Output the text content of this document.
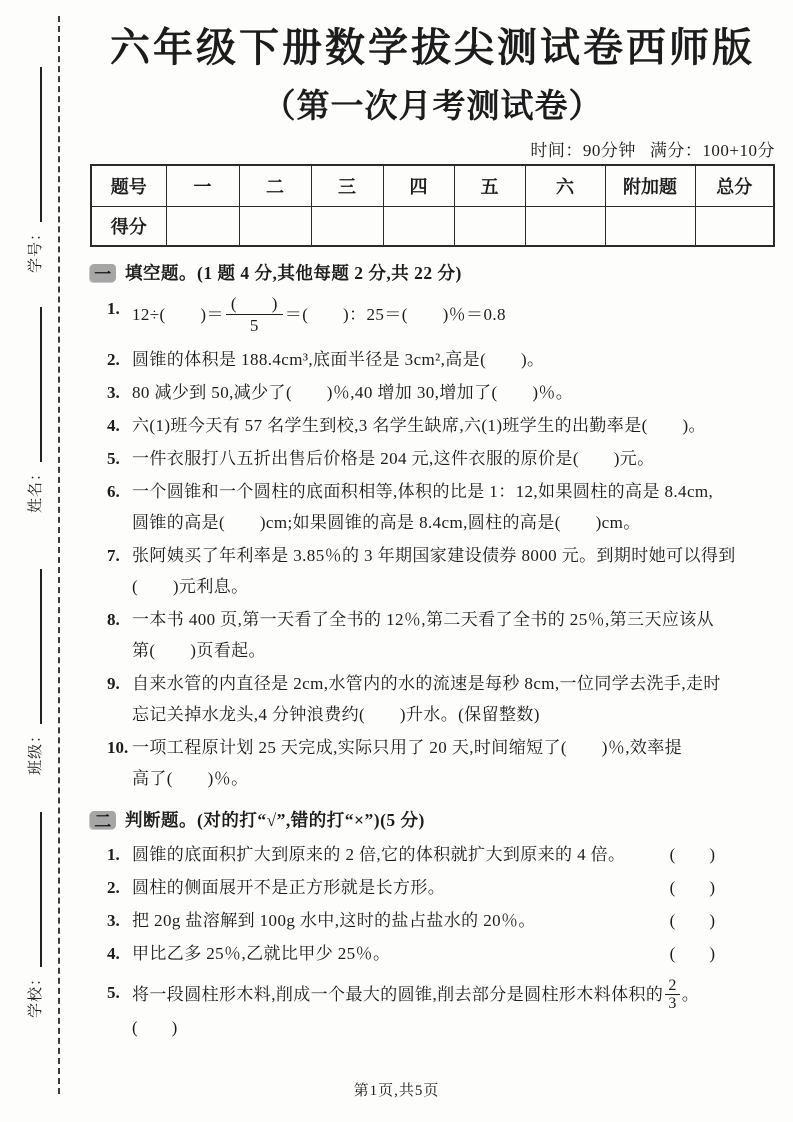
学号：
姓名：
班级：
学校：
六年级下册数学拔尖测试卷西师版
（第一次月考测试卷）
时间：90分钟 满分：100+10分
题号	一	二	三	四	五	六	附加题	总分
得分								
一 填空题。(1 题 4 分,其他每题 2 分,共 22 分)
1. 12÷(　　)＝ $\frac{( )}{5}$ ＝(　　)：25＝(　　)％＝0.8
2. 圆锥的体积是 188.4cm³,底面半径是 3cm²,高是(　　)。
3. 80 减少到 50,减少了(　　)％,40 增加 30,增加了(　　)％。
4. 六(1)班今天有 57 名学生到校,3 名学生缺席,六(1)班学生的出勤率是(　　)。
5. 一件衣服打八五折出售后价格是 204 元,这件衣服的原价是(　　)元。
6. 一个圆锥和一个圆柱的底面积相等,体积的比是 1：12,如果圆柱的高是 8.4cm,
圆锥的高是(　　)cm;如果圆锥的高是 8.4cm,圆柱的高是(　　)cm。
7. 张阿姨买了年利率是 3.85％的 3 年期国家建设债券 8000 元。到期时她可以得到
(　　)元利息。
8. 一本书 400 页,第一天看了全书的 12％,第二天看了全书的 25％,第三天应该从
第(　　)页看起。
9. 自来水管的内直径是 2cm,水管内的水的流速是每秒 8cm,一位同学去洗手,走时
忘记关掉水龙头,4 分钟浪费约(　　)升水。(保留整数)
10. 一项工程原计划 25 天完成,实际只用了 20 天,时间缩短了(　　)％,效率提
高了(　　)％。
二 判断题。(对的打“√”,错的打“×”)(5 分)
1. 圆锥的底面积扩大到原来的 2 倍,它的体积就扩大到原来的 4 倍。	(　　)
2. 圆柱的侧面展开不是正方形就是长方形。	(　　)
3. 把 20g 盐溶解到 100g 水中,这时的盐占盐水的 20％。	(　　)
4. 甲比乙多 25％,乙就比甲少 25％。	(　　)
5. 将一段圆柱形木料,削成一个最大的圆锥,削去部分是圆柱形木料体积的 $\frac{2}{3}$ 。
(　　)
第1页,共5页
